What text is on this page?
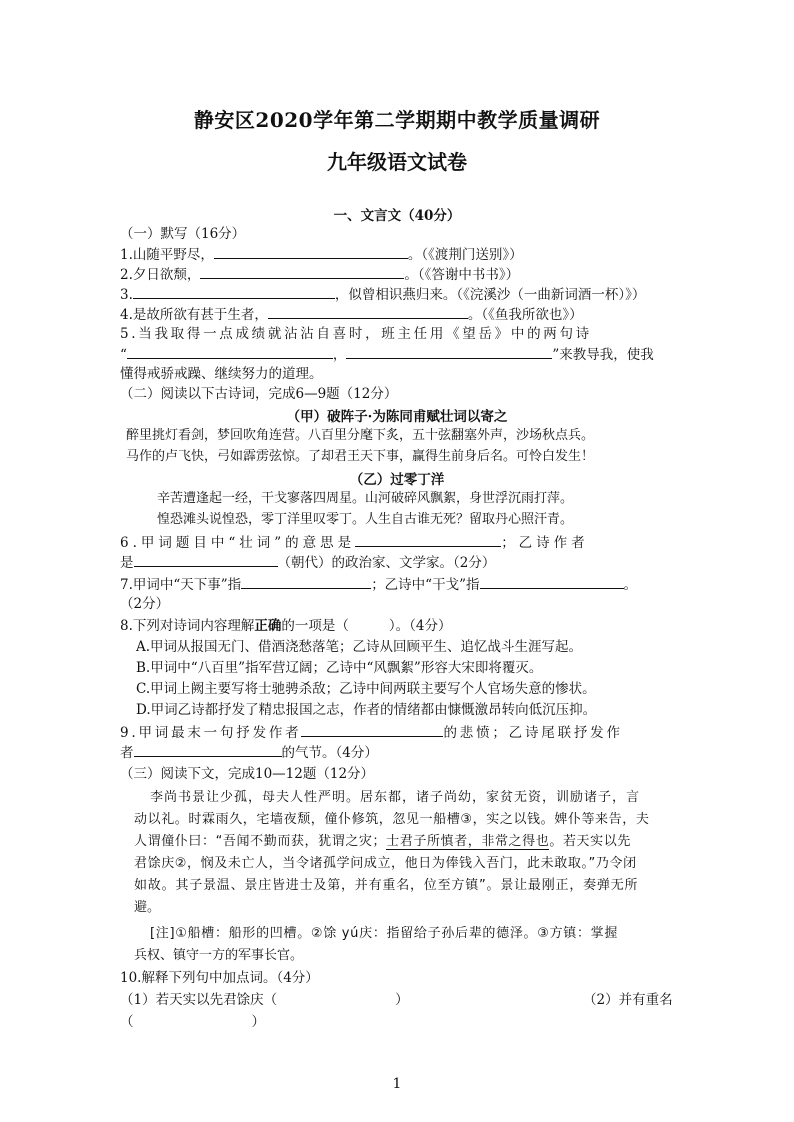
静安区2020学年第二学期期中教学质量调研
九年级语文试卷
一、文言文（40分）
（一）默写（16分）
1.山随平野尽，	。（《渡荆门送别》）
2.夕日欲颓，	。（《答谢中书书》）
3.	，似曾相识燕归来。（《浣溪沙（一曲新词酒一杯）》）
4.是故所欲有甚于生者，	。（《鱼我所欲也》）
5.当我取得一点成绩就沾沾自喜时，班主任用《望岳》中的两句诗
“	，	”来教导我，使我
懂得戒骄戒躁、继续努力的道理。
（二）阅读以下古诗词，完成6—9题（12分）
（甲）破阵子·为陈同甫赋壮词以寄之
醉里挑灯看剑，梦回吹角连营。八百里分麾下炙，五十弦翻塞外声，沙场秋点兵。
马作的卢飞快，弓如霹雳弦惊。了却君王天下事，赢得生前身后名。可怜白发生！
（乙）过零丁洋
辛苦遭逢起一经，干戈寥落四周星。山河破碎风飘絮，身世浮沉雨打萍。
惶恐滩头说惶恐，零丁洋里叹零丁。人生自古谁无死？留取丹心照汗青。
6.甲词题目中“壮词”的意思是	；乙诗作者
是	（朝代）的政治家、文学家。（2分）
7.甲词中“天下事”指	；乙诗中“干戈”指	。
（2分）
8.下列对诗词内容理解正确的一项是（	）。（4分）
A.甲词从报国无门、借酒浇愁落笔；乙诗从回顾平生、追忆战斗生涯写起。
B.甲词中“八百里”指军营辽阔；乙诗中“风飘絮”形容大宋即将覆灭。
C.甲词上阙主要写将士驰骋杀敌；乙诗中间两联主要写个人官场失意的惨状。
D.甲词乙诗都抒发了精忠报国之志，作者的情绪都由慷慨激昂转向低沉压抑。
9.甲词最末一句抒发作者	的悲愤；乙诗尾联抒发作
者	的气节。（4分）
（三）阅读下文，完成10—12题（12分）
李尚书景让少孤，母夫人性严明。居东都，诸子尚幼，家贫无资，训励诸子，言
动以礼。时霖雨久，宅墙夜颓，僮仆修筑，忽见一船槽③，实之以钱。婢仆等来告，夫
人谓僮仆曰：“吾闻不勤而获，犹谓之灾；士君子所慎者，非常之得也。若天实以先
君馀庆②，悯及未亡人，当令诸孤学问成立，他日为俸钱入吾门，此未敢取。”乃令闭
如故。其子景温、景庄皆进士及第，并有重名，位至方镇”。景让最刚正，奏弹无所
避。
[注]①船槽：船形的凹槽。②馀 yú庆：指留给子孙后辈的德泽。③方镇：掌握
兵权、镇守一方的军事长官。
10.解释下列句中加点词。（4分）
（1）若天实以先君馀庆（	）	（2）并有重名
（	）
1
